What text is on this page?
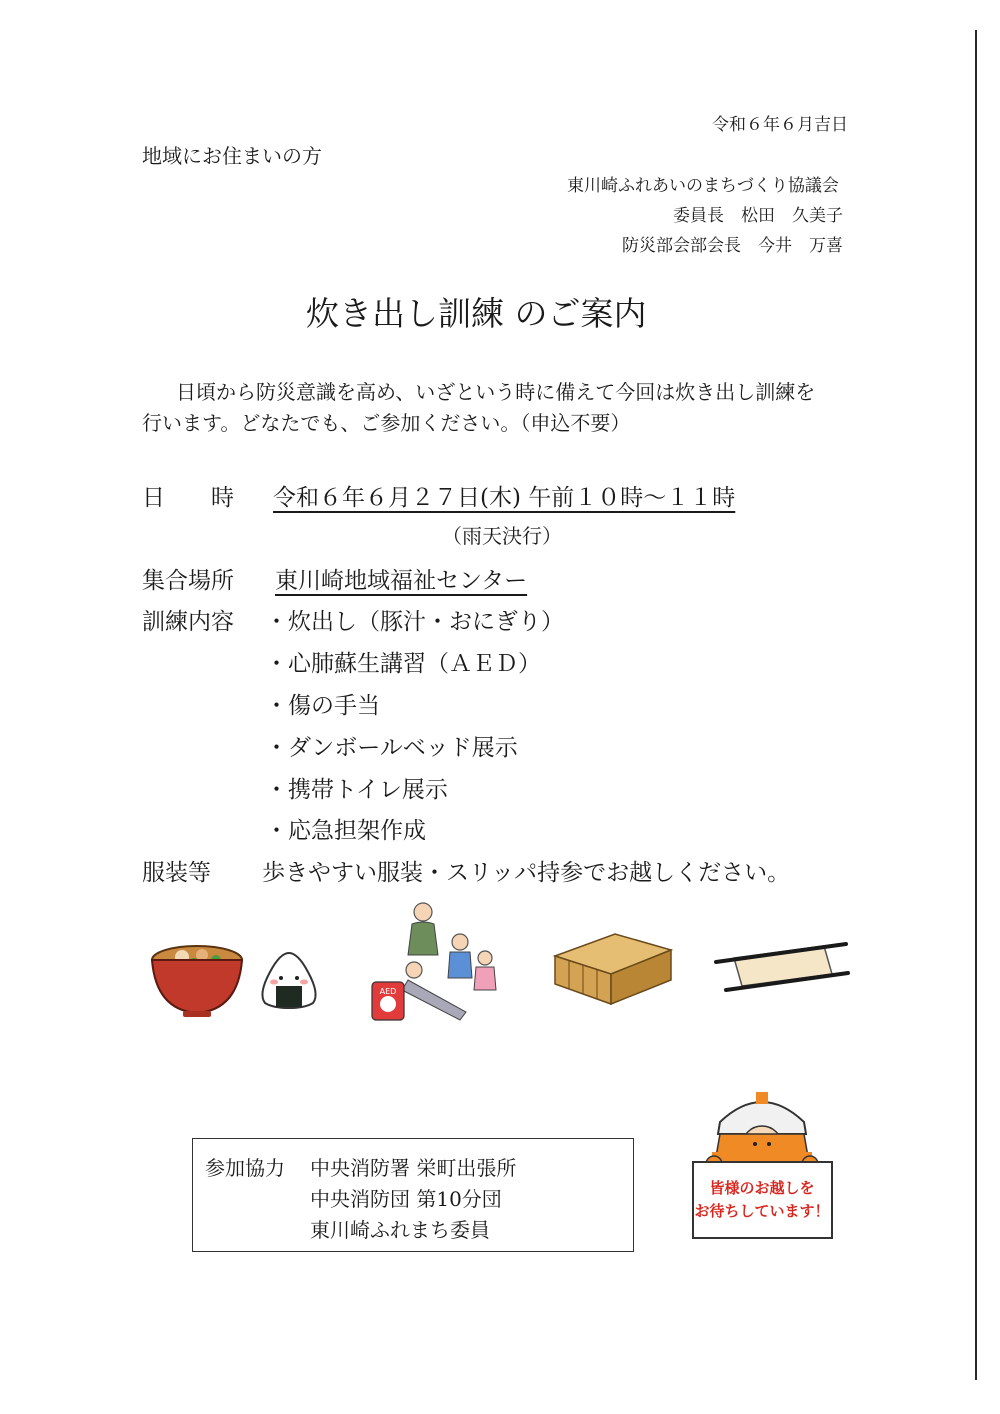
令和６年６月吉日
地域にお住まいの方
東川崎ふれあいのまちづくり協議会
委員長　松田　久美子
防災部会部会長　今井　万喜
炊き出し訓練 のご案内
日頃から防災意識を高め、いざという時に備えて今回は炊き出し訓練を
行います。どなたでも、ご参加ください。（申込不要）
日　　時 令和６年６月２７日(木) 午前１０時〜１１時
（雨天決行）
集合場所 東川崎地域福祉センター
訓練内容 ・炊出し（豚汁・おにぎり）
・心肺蘇生講習（ＡＥＤ）
・傷の手当
・ダンボールベッド展示
・携帯トイレ展示
・応急担架作成
服装等 歩きやすい服装・スリッパ持参でお越しください。
AED
皆様のお越しを
お待ちしています！
参加協力 中央消防署 栄町出張所
中央消防団 第10分団
東川崎ふれまち委員
